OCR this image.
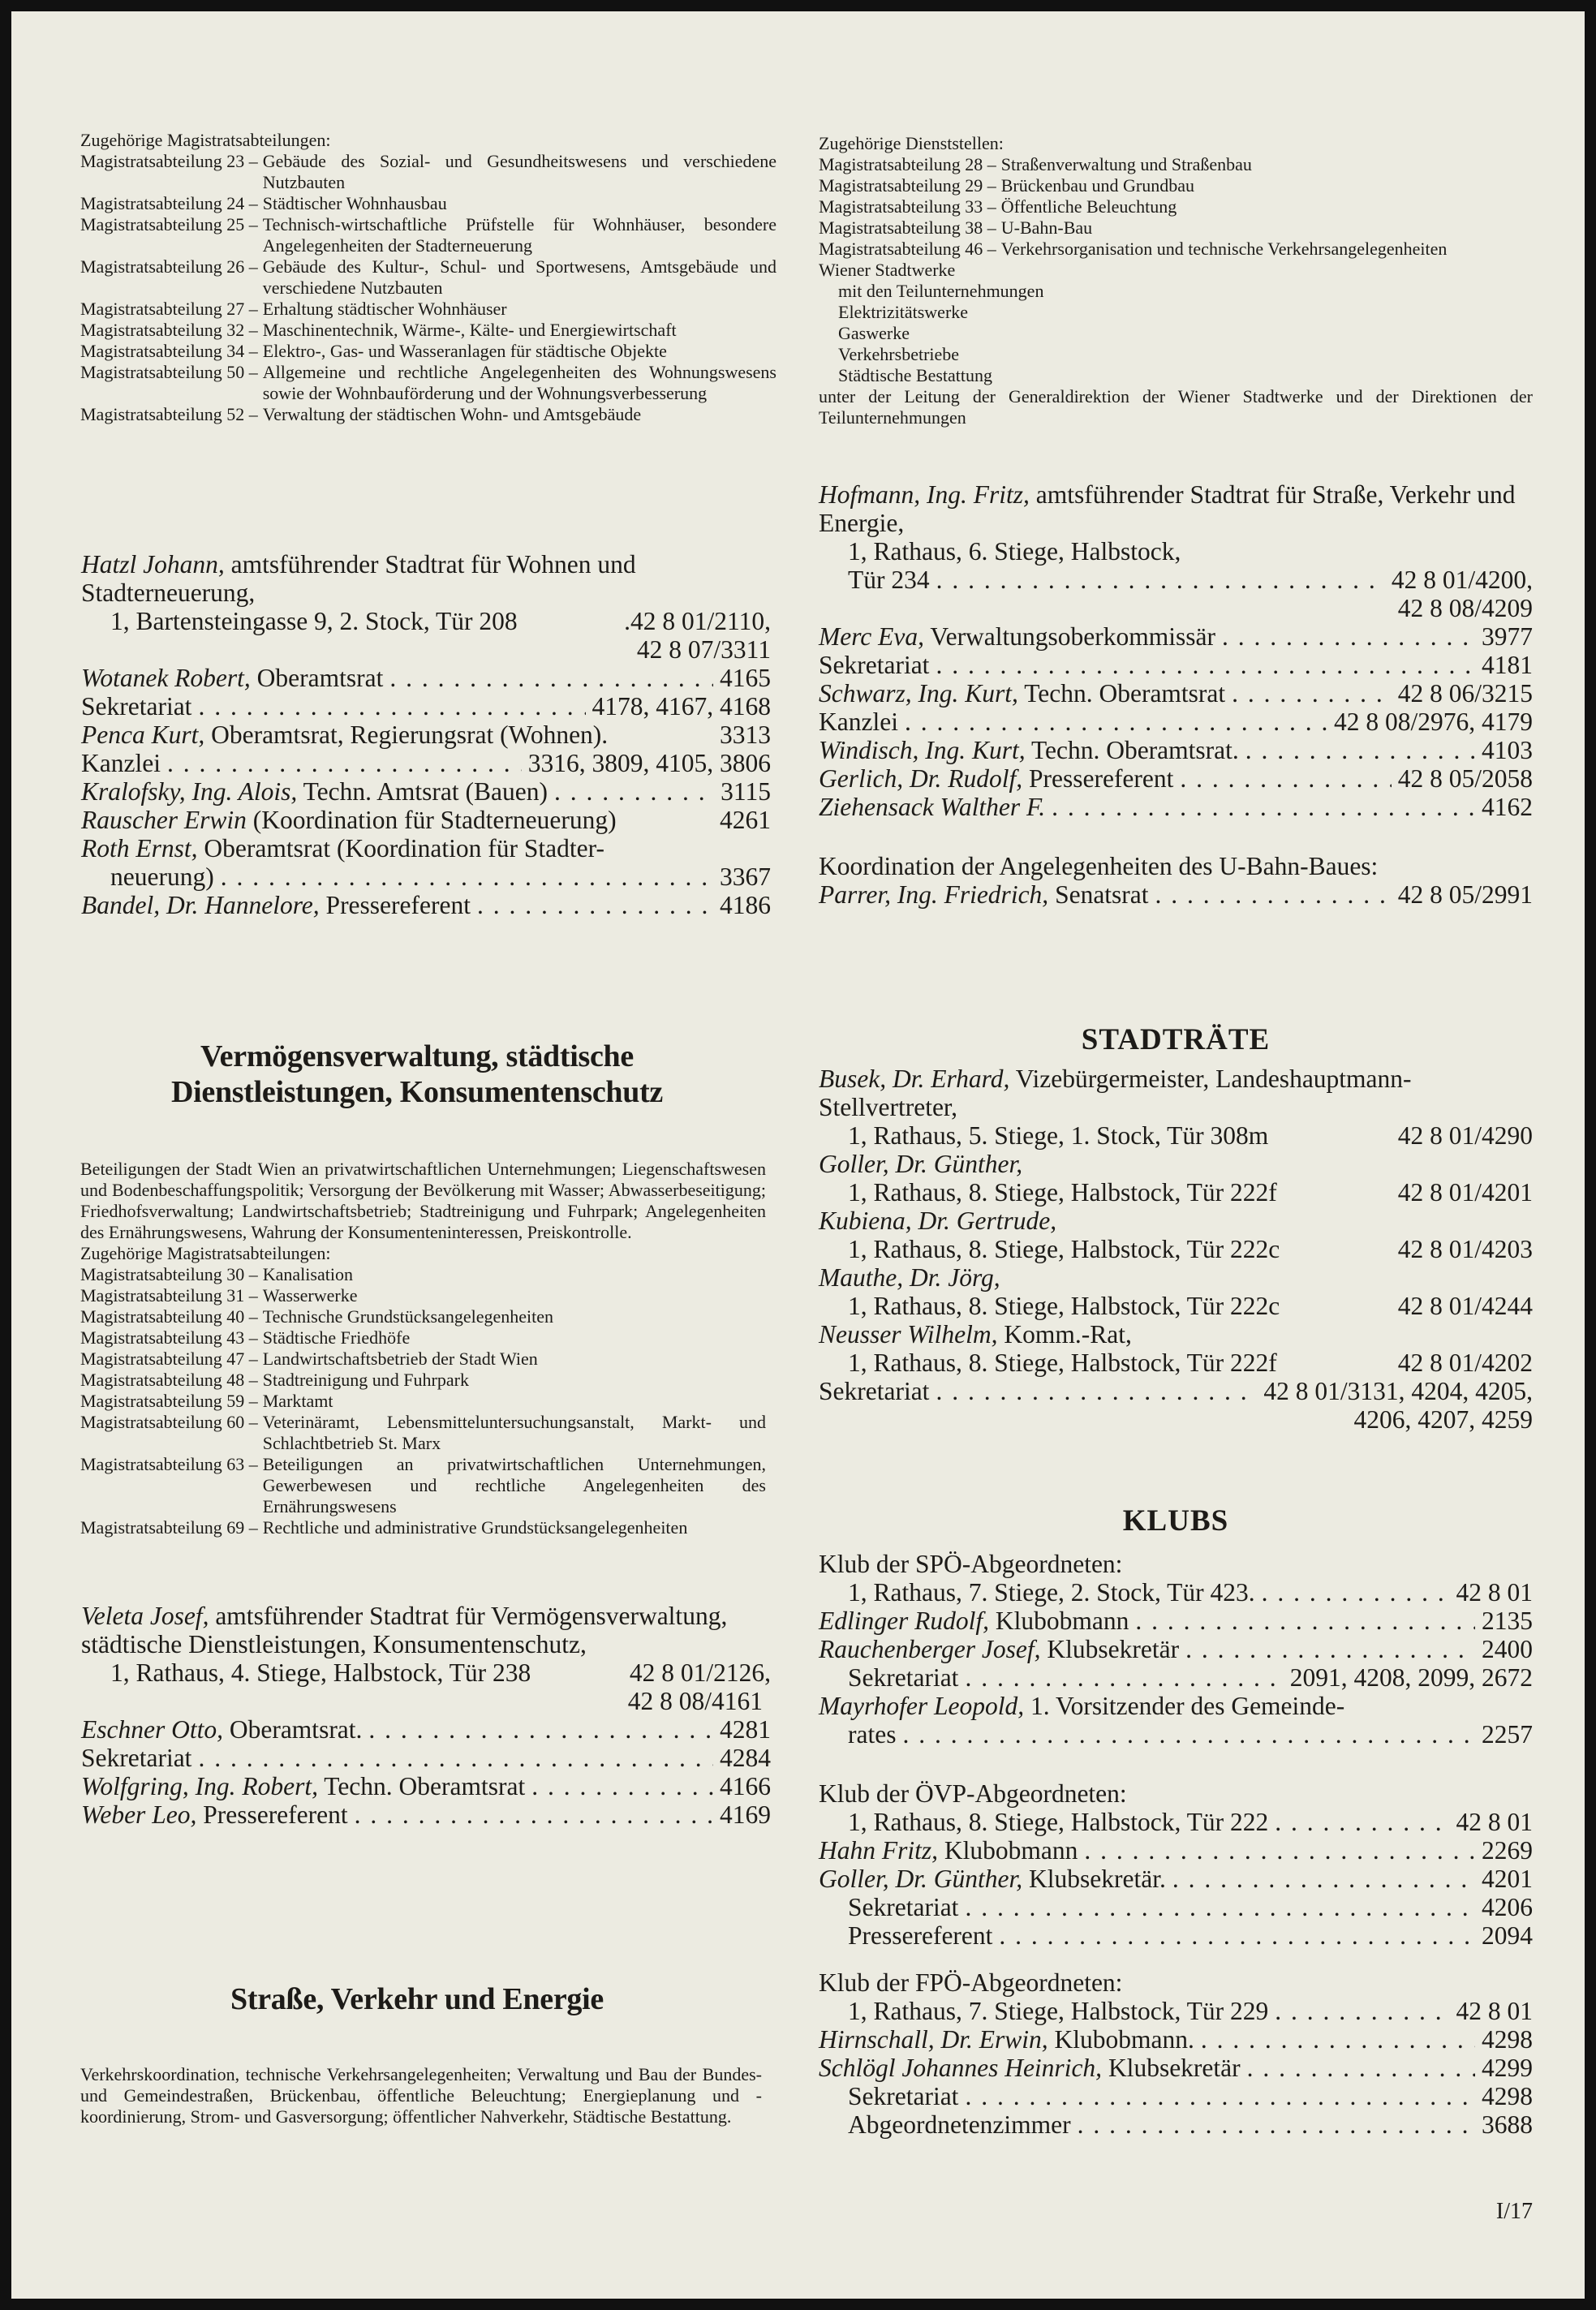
Zugehörige Magistratsabteilungen:
Magistratsabteilung 23 – Gebäude des Sozial- und Gesundheitswesens und verschiedene Nutzbauten
Magistratsabteilung 24 – Städtischer Wohnhausbau
Magistratsabteilung 25 – Technisch-wirtschaftliche Prüfstelle für Wohnhäuser, besondere Angelegenheiten der Stadterneuerung
Magistratsabteilung 26 – Gebäude des Kultur-, Schul- und Sportwesens, Amtsgebäude und verschiedene Nutzbauten
Magistratsabteilung 27 – Erhaltung städtischer Wohnhäuser
Magistratsabteilung 32 – Maschinentechnik, Wärme-, Kälte- und Energiewirtschaft
Magistratsabteilung 34 – Elektro-, Gas- und Wasseranlagen für städtische Objekte
Magistratsabteilung 50 – Allgemeine und rechtliche Angelegenheiten des Wohnungswesens sowie der Wohnbauförderung und der Wohnungsverbesserung
Magistratsabteilung 52 – Verwaltung der städtischen Wohn- und Amtsgebäude
Hatzl Johann, amtsführender Stadtrat für Wohnen und Stadterneuerung,
1, Bartensteingasse 9, 2. Stock, Tür 208	.42 8 01/2110,
42 8 07/3311
Wotanek Robert, Oberamtsrat . . .	4165
Sekretariat . . .	4178, 4167, 4168
Penca Kurt, Oberamtsrat, Regierungsrat (Wohnen).	3313
Kanzlei . . .	3316, 3809, 4105, 3806
Kralofsky, Ing. Alois, Techn. Amtsrat (Bauen) . . .	3115
Rauscher Erwin (Koordination für Stadterneuerung)	4261
Roth Ernst, Oberamtsrat (Koordination für Stadter-
neuerung) . . .	3367
Bandel, Dr. Hannelore, Pressereferent . . .	4186
Vermögensverwaltung, städtische
Dienstleistungen, Konsumentenschutz
Beteiligungen der Stadt Wien an privatwirtschaftlichen Unternehmungen; Liegenschaftswesen und Bodenbeschaffungspolitik; Versorgung der Bevölkerung mit Wasser; Abwasserbeseitigung; Friedhofsverwaltung; Landwirtschaftsbetrieb; Stadtreinigung und Fuhrpark; Angelegenheiten des Ernährungswesens, Wahrung der Konsumenteninteressen, Preiskontrolle.
Zugehörige Magistratsabteilungen:
Magistratsabteilung 30 – Kanalisation
Magistratsabteilung 31 – Wasserwerke
Magistratsabteilung 40 – Technische Grundstücksangelegenheiten
Magistratsabteilung 43 – Städtische Friedhöfe
Magistratsabteilung 47 – Landwirtschaftsbetrieb der Stadt Wien
Magistratsabteilung 48 – Stadtreinigung und Fuhrpark
Magistratsabteilung 59 – Marktamt
Magistratsabteilung 60 – Veterinäramt, Lebensmitteluntersuchungsanstalt, Markt- und Schlachtbetrieb St. Marx
Magistratsabteilung 63 – Beteiligungen an privatwirtschaftlichen Unternehmungen, Gewerbewesen und rechtliche Angelegenheiten des Ernährungswesens
Magistratsabteilung 69 – Rechtliche und administrative Grundstücksangelegenheiten
Veleta Josef, amtsführender Stadtrat für Vermögensverwaltung, städtische Dienstleistungen, Konsumentenschutz,
1, Rathaus, 4. Stiege, Halbstock, Tür 238	42 8 01/2126,
42 8 08/4161
Eschner Otto, Oberamtsrat. . . .	4281
Sekretariat . . .	4284
Wolfgring, Ing. Robert, Techn. Oberamtsrat . . .	4166
Weber Leo, Pressereferent . . .	4169
Straße, Verkehr und Energie
Verkehrskoordination, technische Verkehrsangelegenheiten; Verwaltung und Bau der Bundes- und Gemeindestraßen, Brückenbau, öffentliche Beleuchtung; Energieplanung und -koordinierung, Strom- und Gasversorgung; öffentlicher Nahverkehr, Städtische Bestattung.
Zugehörige Dienststellen:
Magistratsabteilung 28 – Straßenverwaltung und Straßenbau
Magistratsabteilung 29 – Brückenbau und Grundbau
Magistratsabteilung 33 – Öffentliche Beleuchtung
Magistratsabteilung 38 – U-Bahn-Bau
Magistratsabteilung 46 – Verkehrsorganisation und technische Verkehrsangelegenheiten
Wiener Stadtwerke
mit den Teilunternehmungen
Elektrizitätswerke
Gaswerke
Verkehrsbetriebe
Städtische Bestattung
unter der Leitung der Generaldirektion der Wiener Stadtwerke und der Direktionen der Teilunternehmungen
Hofmann, Ing. Fritz, amtsführender Stadtrat für Straße, Verkehr und Energie,
1, Rathaus, 6. Stiege, Halbstock,
Tür 234 . . .	42 8 01/4200,
42 8 08/4209
Merc Eva, Verwaltungsoberkommissär . . .	3977
Sekretariat . . .	4181
Schwarz, Ing. Kurt, Techn. Oberamtsrat . . .	42 8 06/3215
Kanzlei . . .	42 8 08/2976, 4179
Windisch, Ing. Kurt, Techn. Oberamtsrat. . . .	4103
Gerlich, Dr. Rudolf, Pressereferent . . .	42 8 05/2058
Ziehensack Walther F. . . .	4162
Koordination der Angelegenheiten des U-Bahn-Baues:
Parrer, Ing. Friedrich, Senatsrat . . .	42 8 05/2991
STADTRÄTE
Busek, Dr. Erhard, Vizebürgermeister, Landeshauptmann-Stellvertreter,
1, Rathaus, 5. Stiege, 1. Stock, Tür 308m	42 8 01/4290
Goller, Dr. Günther,
1, Rathaus, 8. Stiege, Halbstock, Tür 222f	42 8 01/4201
Kubiena, Dr. Gertrude,
1, Rathaus, 8. Stiege, Halbstock, Tür 222c	42 8 01/4203
Mauthe, Dr. Jörg,
1, Rathaus, 8. Stiege, Halbstock, Tür 222c	42 8 01/4244
Neusser Wilhelm, Komm.-Rat,
1, Rathaus, 8. Stiege, Halbstock, Tür 222f	42 8 01/4202
Sekretariat . . .	42 8 01/3131, 4204, 4205,
4206, 4207, 4259
KLUBS
Klub der SPÖ-Abgeordneten:
1, Rathaus, 7. Stiege, 2. Stock, Tür 423. . . .	42 8 01
Edlinger Rudolf, Klubobmann . . .	2135
Rauchenberger Josef, Klubsekretär . . .	2400
Sekretariat . . .	2091, 4208, 2099, 2672
Mayrhofer Leopold, 1. Vorsitzender des Gemeinde-
rates . . .	2257
Klub der ÖVP-Abgeordneten:
1, Rathaus, 8. Stiege, Halbstock, Tür 222 . . .	42 8 01
Hahn Fritz, Klubobmann . . .	2269
Goller, Dr. Günther, Klubsekretär. . . .	4201
Sekretariat . . .	4206
Pressereferent . . .	2094
Klub der FPÖ-Abgeordneten:
1, Rathaus, 7. Stiege, Halbstock, Tür 229 . . .	42 8 01
Hirnschall, Dr. Erwin, Klubobmann. . . .	4298
Schlögl Johannes Heinrich, Klubsekretär . . .	4299
Sekretariat . . .	4298
Abgeordnetenzimmer . . .	3688
I/17
